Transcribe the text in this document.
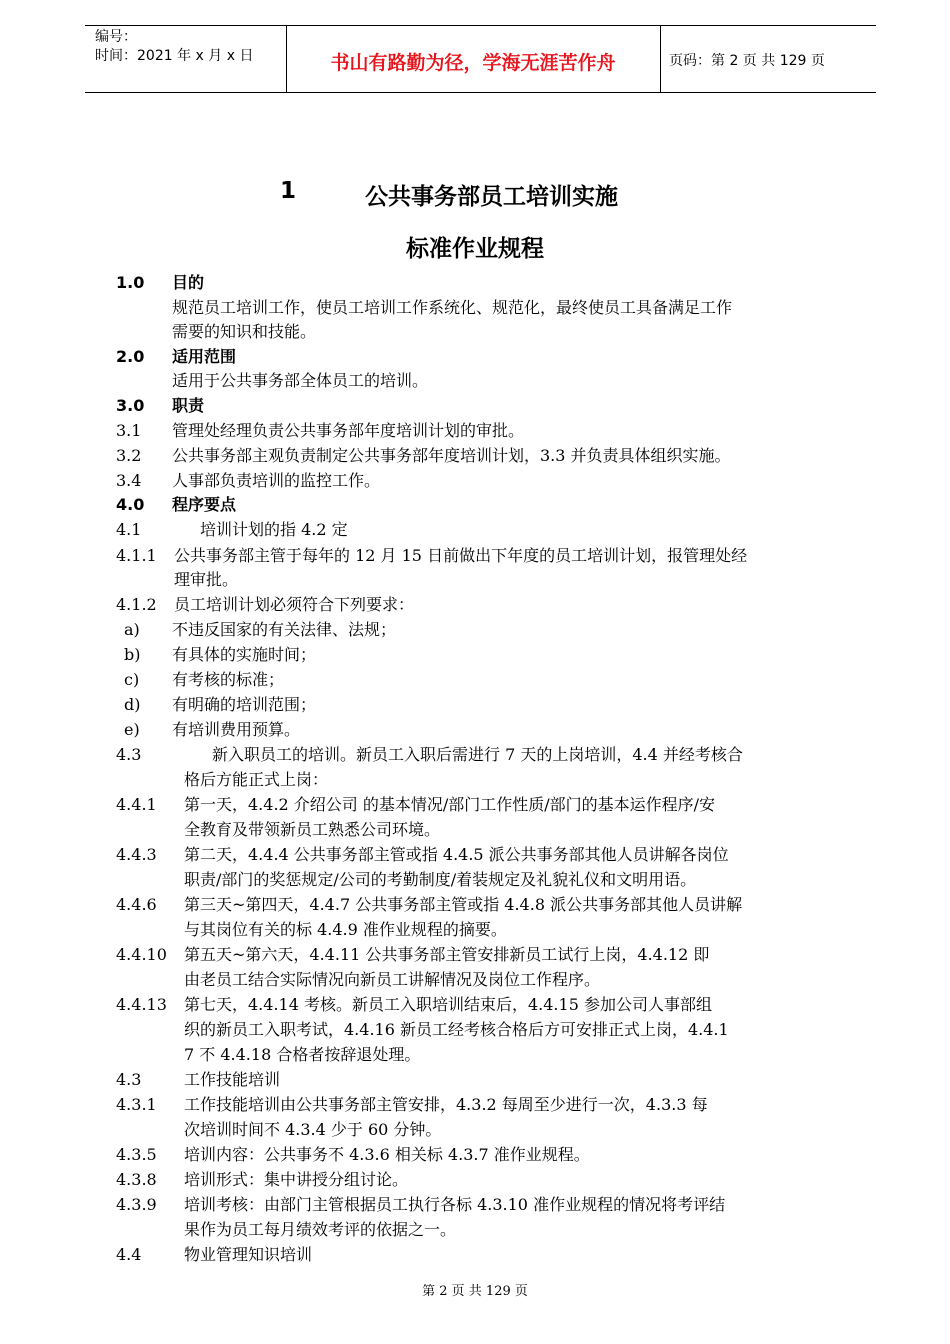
编号：
时间：2021 年 x 月 x 日	书山有路勤为径，学海无涯苦作舟	页码：第 2 页 共 129 页
1	公共事务部员工培训实施
标准作业规程
1.0 目的
规范员工培训工作，使员工培训工作系统化、规范化，最终使员工具备满足工作
需要的知识和技能。
2.0 适用范围
适用于公共事务部全体员工的培训。
3.0 职责
3.1 管理处经理负责公共事务部年度培训计划的审批。
3.2 公共事务部主观负责制定公共事务部年度培训计划，3.3 并负责具体组织实施。
3.4 人事部负责培训的监控工作。
4.0 程序要点
4.1	培训计划的指 4.2 定
4.1.1 公共事务部主管于每年的 12 月 15 日前做出下年度的员工培训计划，报管理处经
理审批。
4.1.2 员工培训计划必须符合下列要求：
a) 不违反国家的有关法律、法规；
b) 有具体的实施时间；
c) 有考核的标准；
d) 有明确的培训范围；
e) 有培训费用预算。
4.3	新入职员工的培训。新员工入职后需进行 7 天的上岗培训，4.4 并经考核合
格后方能正式上岗：
4.4.1 第一天，4.4.2 介绍公司 的基本情况/部门工作性质/部门的基本运作程序/安
全教育及带领新员工熟悉公司环境。
4.4.3 第二天，4.4.4 公共事务部主管或指 4.4.5 派公共事务部其他人员讲解各岗位
职责/部门的奖惩规定/公司的考勤制度/着装规定及礼貌礼仪和文明用语。
4.4.6 第三天~第四天，4.4.7 公共事务部主管或指 4.4.8 派公共事务部其他人员讲解
与其岗位有关的标 4.4.9 准作业规程的摘要。
4.4.10 第五天~第六天，4.4.11 公共事务部主管安排新员工试行上岗，4.4.12 即
由老员工结合实际情况向新员工讲解情况及岗位工作程序。
4.4.13 第七天，4.4.14 考核。新员工入职培训结束后，4.4.15 参加公司人事部组
织的新员工入职考试，4.4.16 新员工经考核合格后方可安排正式上岗，4.4.1
7 不 4.4.18 合格者按辞退处理。
4.3	工作技能培训
4.3.1 工作技能培训由公共事务部主管安排，4.3.2 每周至少进行一次，4.3.3 每
次培训时间不 4.3.4 少于 60 分钟。
4.3.5 培训内容：公共事务不 4.3.6 相关标 4.3.7 准作业规程。
4.3.8 培训形式：集中讲授分组讨论。
4.3.9 培训考核：由部门主管根据员工执行各标 4.3.10 准作业规程的情况将考评结
果作为员工每月绩效考评的依据之一。
4.4	物业管理知识培训
第 2 页 共 129 页
